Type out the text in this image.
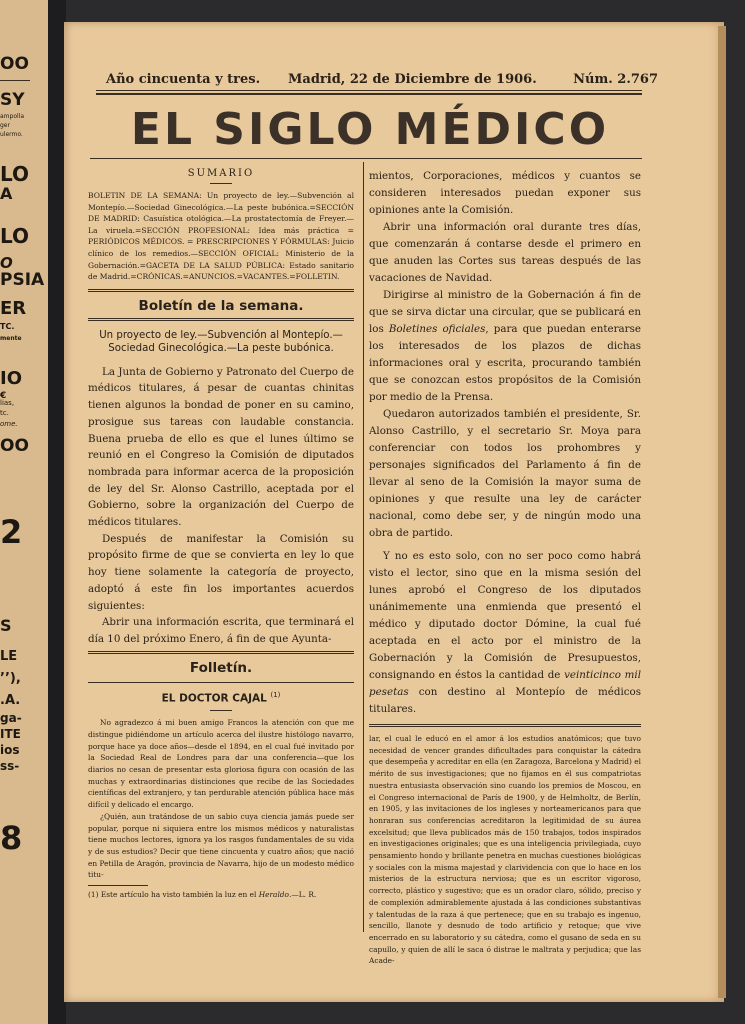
OO
SY
ampolla
ger
ulermo.
LO
A
LO
O
PSIA
ER
TC.
mente
IO
€
lias,
tc.
ome.
OO
2
S
LE
’’),
.A.
ga-
ITE
ios
ss-
8
Año cincuenta y tres. Madrid, 22 de Diciembre de 1906.	Núm. 2.767
EL SIGLO MÉDICO
SUMARIO
BOLETIN DE LA SEMANA: Un proyecto de ley.—Subvención al Montepío.—Sociedad Ginecológica.—La peste bubónica.=SECCIÓN DE MADRID: Casuística otológica.—La prostatectomía de Freyer.—La viruela.=SECCIÓN PROFESIONAL: Idea más práctica = PERIÓDICOS MÉDICOS. = PRESCRIPCIONES Y FÓRMULAS: Juicio clínico de los remedios.—SECCIÓN OFICIAL: Ministerio de la Gobernación.=GACETA DE LA SALUD PÚBLICA: Estado sanitario de Madrid.=CRÓNICAS.=ANUNCIOS.=VACANTES.=FOLLETIN.
Boletín de la semana.
Un proyecto de ley.—Subvención al Montepío.—Sociedad Ginecológica.—La peste bubónica.

La Junta de Gobierno y Patronato del Cuerpo de médicos titulares, á pesar de cuantas chinitas tienen algunos la bondad de poner en su camino, prosigue sus tareas con laudable constancia. Buena prueba de ello es que el lunes último se reunió en el Congreso la Comisión de diputados nombrada para informar acerca de la proposición de ley del Sr. Alonso Castrillo, aceptada por el Gobierno, sobre la organización del Cuerpo de médicos titulares.

Después de manifestar la Comisión su propósito firme de que se convierta en ley lo que hoy tiene solamente la categoría de proyecto, adoptó á este fin los importantes acuerdos siguientes:

Abrir una información escrita, que terminará el día 10 del próximo Enero, á fin de que Ayunta-

Folletín.
EL DOCTOR CAJAL $^{(1)}$

No agradezco á mi buen amigo Francos la atención con que me distingue pidiéndome un artículo acerca del ilustre histólogo navarro, porque hace ya doce años—desde el 1894, en el cual fué invitado por la Sociedad Real de Londres para dar una conferencia—que los diarios no cesan de presentar esta gloriosa figura con ocasión de las muchas y extraordinarias distinciones que recibe de las Sociedades científicas del extranjero, y tan perdurable atención pública hace más difícil y delicado el encargo.

¿Quién, aun tratándose de un sabio cuya ciencia jamás puede ser popular, porque ni siquiera entre los mismos médicos y naturalistas tiene muchos lectores, ignora ya los rasgos fundamentales de su vida y de sus estudios? Decir que tiene cincuenta y cuatro años; que nació en Petilla de Aragón, provincia de Navarra, hijo de un modesto médico titu-

(1) Este artículo ha visto también la luz en el Heraldo.—L. R.

mientos, Corporaciones, médicos y cuantos se consideren interesados puedan exponer sus opiniones ante la Comisión.

Abrir una información oral durante tres días, que comenzarán á contarse desde el primero en que anuden las Cortes sus tareas después de las vacaciones de Navidad.

Dirigirse al ministro de la Gobernación á fin de que se sirva dictar una circular, que se publicará en los Boletines oficiales, para que puedan enterarse los interesados de los plazos de dichas informaciones oral y escrita, procurando también que se conozcan estos propósitos de la Comisión por medio de la Prensa.

Quedaron autorizados también el presidente, Sr. Alonso Castrillo, y el secretario Sr. Moya para conferenciar con todos los prohombres y personajes significados del Parlamento á fin de llevar al seno de la Comisión la mayor suma de opiniones y que resulte una ley de carácter nacional, como debe ser, y de ningún modo una obra de partido.

Y no es esto solo, con no ser poco como habrá visto el lector, sino que en la misma sesión del lunes aprobó el Congreso de los diputados unánimemente una enmienda que presentó el médico y diputado doctor Dómine, la cual fué aceptada en el acto por el ministro de la Gobernación y la Comisión de Presupuestos, consignando en éstos la cantidad de veinticinco mil pesetas con destino al Montepío de médicos titulares.

lar, el cual le educó en el amor á los estudios anatómicos; que tuvo necesidad de vencer grandes dificultades para conquistar la cátedra que desempeña y acreditar en ella (en Zaragoza, Barcelona y Madrid) el mérito de sus investigaciones; que no fijamos en él sus compatriotas nuestra entusiasta observación sino cuando los premios de Moscou, en el Congreso internacional de París de 1900, y de Helmholtz, de Berlín, en 1905, y las invitaciones de los ingleses y norteamericanos para que honraran sus conferencias acreditaron la legitimidad de su áurea excelsitud; que lleva publicados más de 150 trabajos, todos inspirados en investigaciones originales; que es una inteligencia privilegiada, cuyo pensamiento hondo y brillante penetra en muchas cuestiones biológicas y sociales con la misma majestad y clarividencia con que lo hace en los misterios de la estructura nerviosa; que es un escritor vigoroso, correcto, plástico y sugestivo; que es un orador claro, sólido, preciso y de complexión admirablemente ajustada á las condiciones substantivas y talentudas de la raza á que pertenece; que en su trabajo es ingenuo, sencillo, llanote y desnudo de todo artificio y retoque; que vive encerrado en su laboratorio y su cátedra, como el gusano de seda en su capullo, y quien de allí le saca ó distrae le maltrata y perjudica; que las Acade-
